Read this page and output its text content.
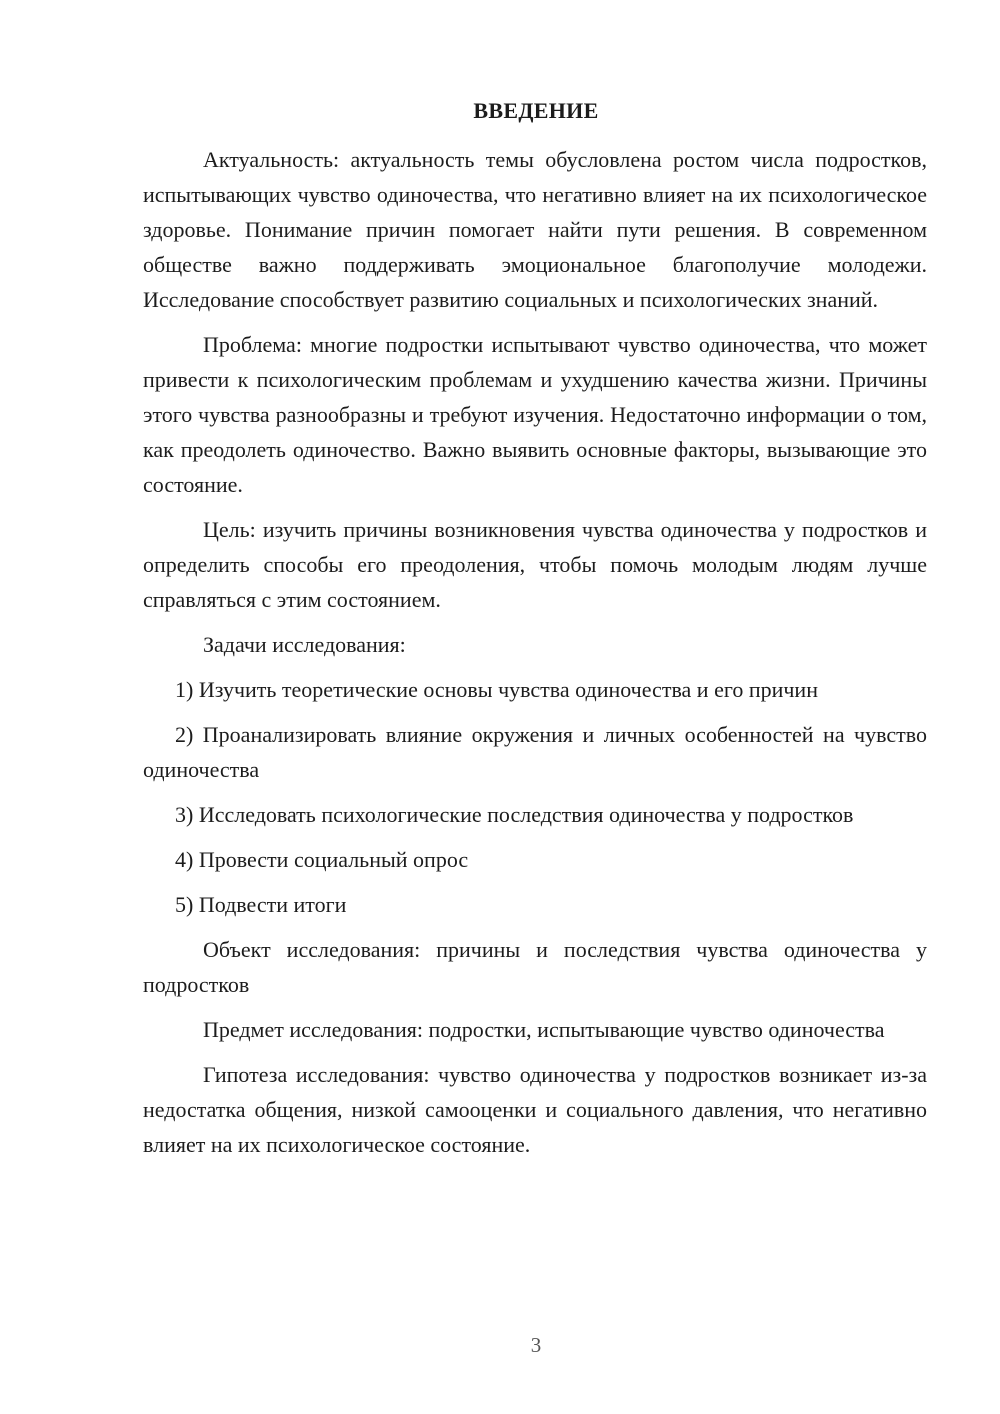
ВВЕДЕНИЕ

Актуальность: актуальность темы обусловлена ростом числа подростков, испытывающих чувство одиночества, что негативно влияет на их психологическое здоровье. Понимание причин помогает найти пути решения. В современном обществе важно поддерживать эмоциональное благополучие молодежи. Исследование способствует развитию социальных и психологических знаний.

Проблема: многие подростки испытывают чувство одиночества, что может привести к психологическим проблемам и ухудшению качества жизни. Причины этого чувства разнообразны и требуют изучения. Недостаточно информации о том, как преодолеть одиночество. Важно выявить основные факторы, вызывающие это состояние.

Цель: изучить причины возникновения чувства одиночества у подростков и определить способы его преодоления, чтобы помочь молодым людям лучше справляться с этим состоянием.

Задачи исследования:

1) Изучить теоретические основы чувства одиночества и его причин

2) Проанализировать влияние окружения и личных особенностей на чувство одиночества

3) Исследовать психологические последствия одиночества у подростков

4) Провести социальный опрос

5) Подвести итоги

Объект исследования: причины и последствия чувства одиночества у подростков

Предмет исследования: подростки, испытывающие чувство одиночества

Гипотеза исследования: чувство одиночества у подростков возникает из-за недостатка общения, низкой самооценки и социального давления, что негативно влияет на их психологическое состояние.

3
